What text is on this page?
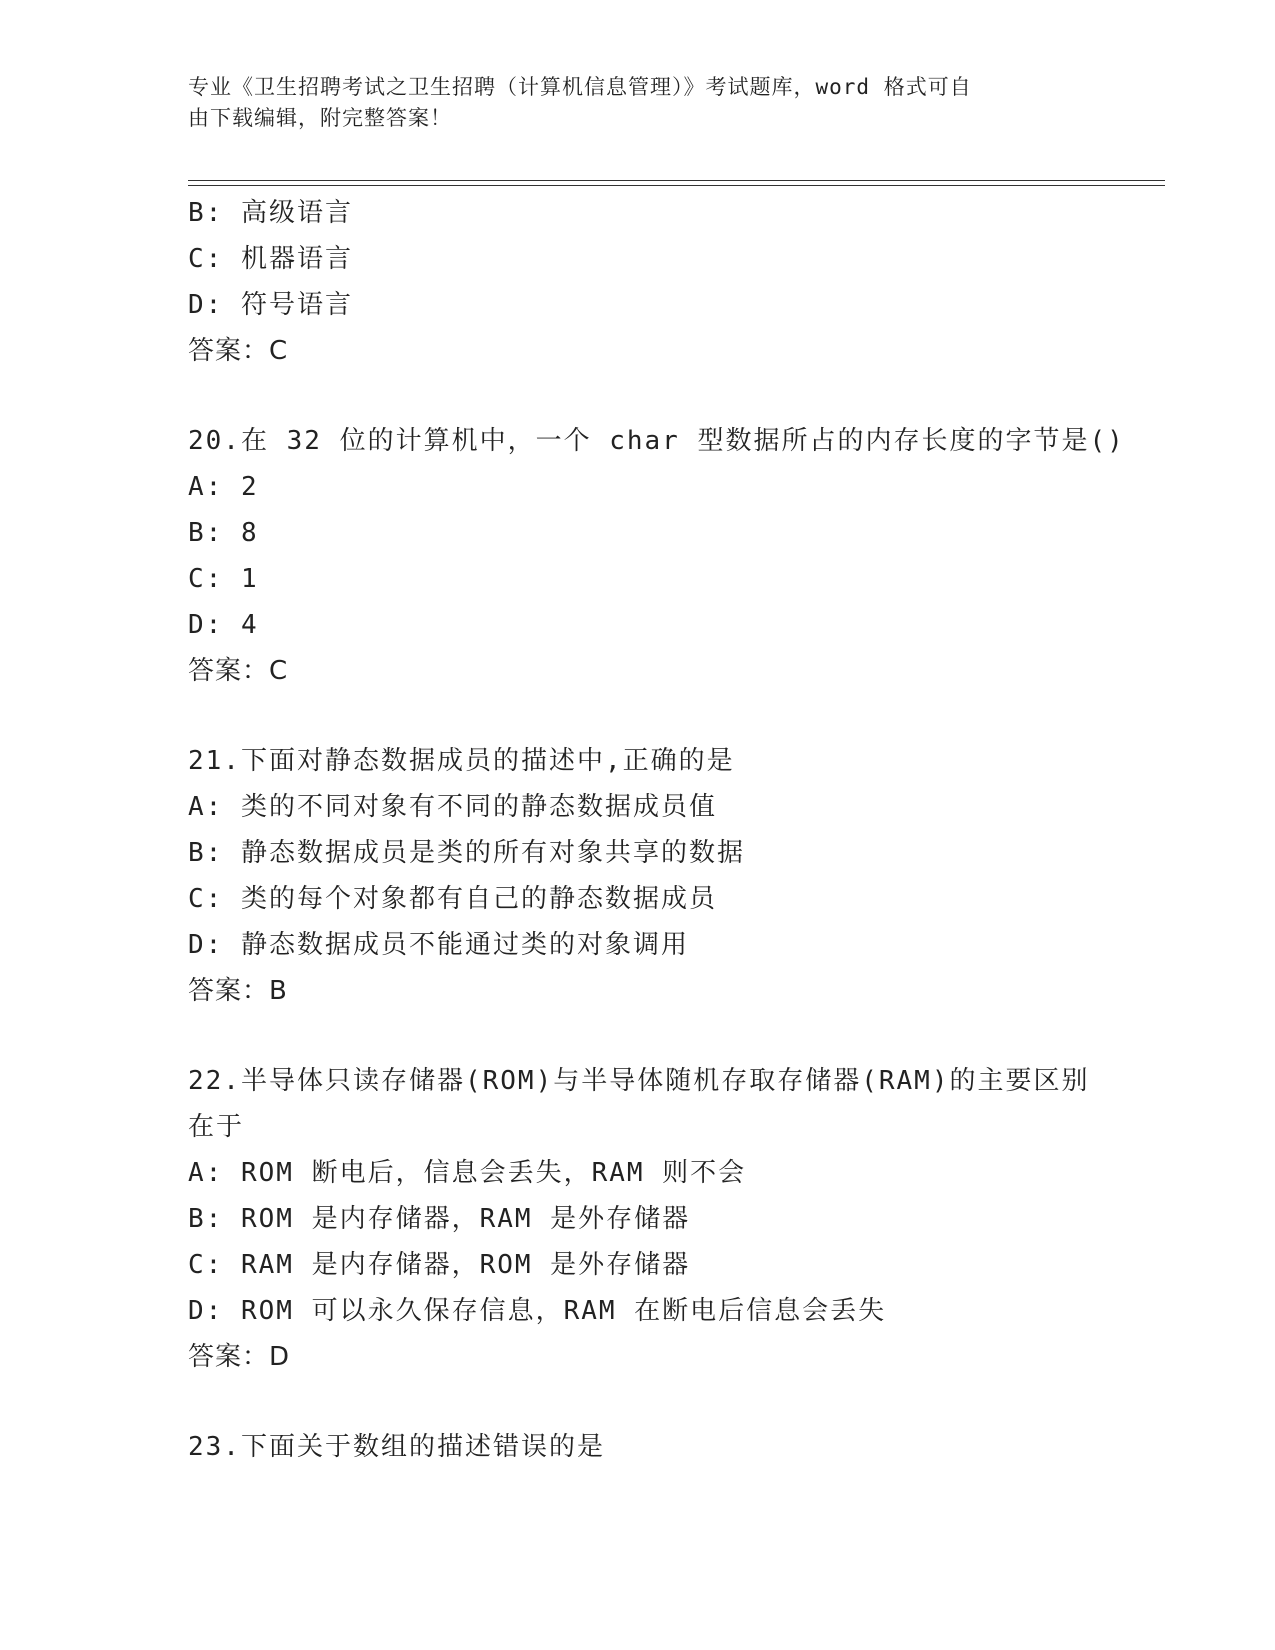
专业《卫生招聘考试之卫生招聘（计算机信息管理）》考试题库，word 格式可自
由下载编辑，附完整答案！
B: 高级语言
C: 机器语言
D: 符号语言
答案：C
20.在 32 位的计算机中，一个 char 型数据所占的内存长度的字节是()
A: 2
B: 8
C: 1
D: 4
答案：C
21.下面对静态数据成员的描述中,正确的是
A: 类的不同对象有不同的静态数据成员值
B: 静态数据成员是类的所有对象共享的数据
C: 类的每个对象都有自己的静态数据成员
D: 静态数据成员不能通过类的对象调用
答案：B
22.半导体只读存储器(ROM)与半导体随机存取存储器(RAM)的主要区别
在于
A: ROM 断电后，信息会丢失，RAM 则不会
B: ROM 是内存储器，RAM 是外存储器
C: RAM 是内存储器，ROM 是外存储器
D: ROM 可以永久保存信息，RAM 在断电后信息会丢失
答案：D
23.下面关于数组的描述错误的是
